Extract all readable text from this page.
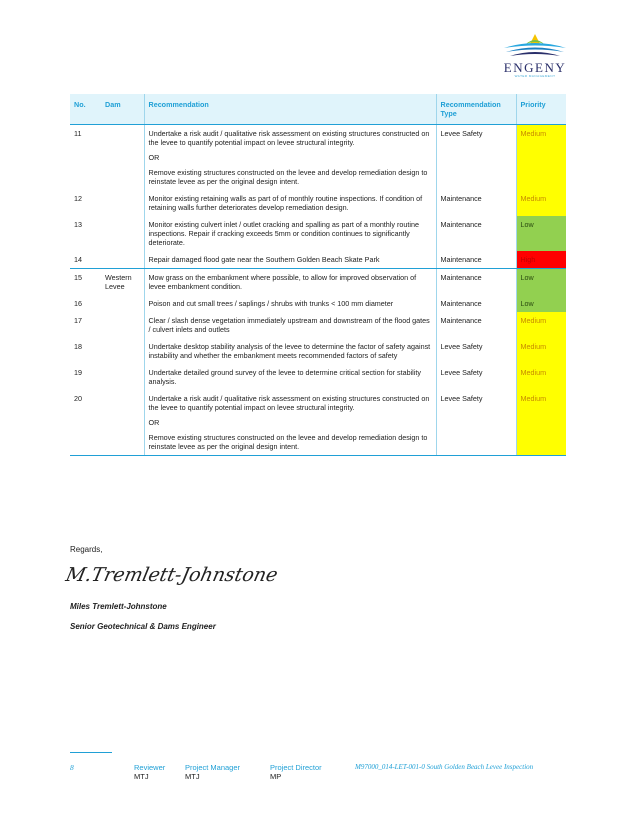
ENGENY
WATER MANAGEMENT
No.	Dam	Recommendation	Recommendation Type	Priority
11		Undertake a risk audit / qualitative risk assessment on existing structures constructed on the levee to quantify potential impact on levee structural integrity.
OR
Remove existing structures constructed on the levee and develop remediation design to reinstate levee as per the original design intent.	Levee Safety	Medium
12		Monitor existing retaining walls as part of of monthly routine inspections. If condition of retaining walls further deteriorates develop remediation design.	Maintenance	Medium
13		Monitor existing culvert inlet / outlet cracking and spalling as part of a monthly routine inspections. Repair if cracking exceeds 5mm or condition continues to significantly deteriorate.	Maintenance	Low
14		Repair damaged flood gate near the Southern Golden Beach Skate Park	Maintenance	High
15	Western Levee	Mow grass on the embankment where possible, to allow for improved observation of levee embankment condition.	Maintenance	Low
16		Poison and cut small trees / saplings / shrubs with trunks < 100 mm diameter	Maintenance	Low
17		Clear / slash dense vegetation immediately upstream and downstream of the flood gates / culvert inlets and outlets	Maintenance	Medium
18		Undertake desktop stability analysis of the levee to determine the factor of safety against instability and whether the embankment meets recommended factors of safety	Levee Safety	Medium
19		Undertake detailed ground survey of the levee to determine critical section for stability analysis.	Levee Safety	Medium
20		Undertake a risk audit / qualitative risk assessment on existing structures constructed on the levee to quantify potential impact on levee structural integrity.
OR
Remove existing structures constructed on the levee and develop remediation design to reinstate levee as per the original design intent.	Levee Safety	Medium
Regards,
M.Tremlett-Johnstone
Miles Tremlett-Johnstone
Senior Geotechnical & Dams Engineer
8	Reviewer
MTJ
Project Manager
MTJ
Project Director
MP
M97000_014-LET-001-0 South Golden Beach Levee Inspection
